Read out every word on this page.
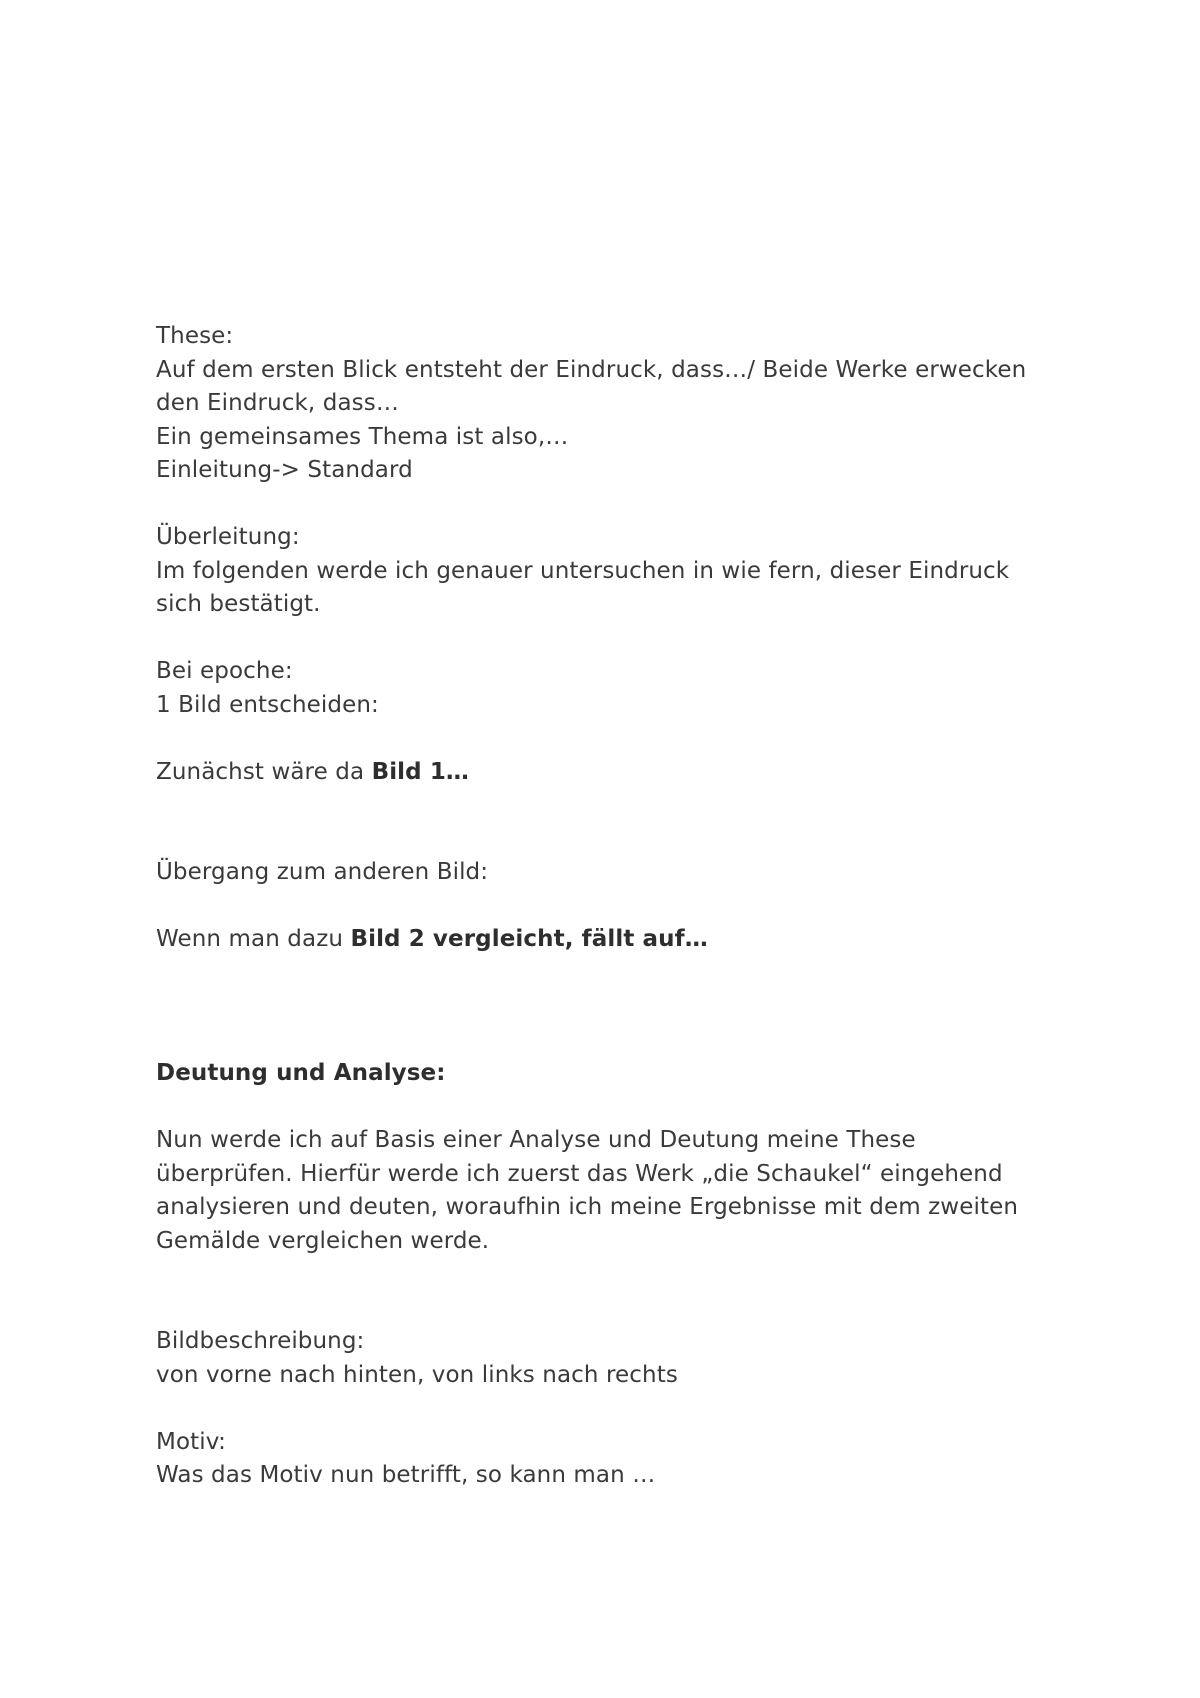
These:
Auf dem ersten Blick entsteht der Eindruck, dass…/ Beide Werke erwecken
den Eindruck, dass…
Ein gemeinsames Thema ist also,…
Einleitung-> Standard
Überleitung:
Im folgenden werde ich genauer untersuchen in wie fern, dieser Eindruck
sich bestätigt.
Bei epoche:
1 Bild entscheiden:
Zunächst wäre da Bild 1…
Übergang zum anderen Bild:
Wenn man dazu Bild 2 vergleicht, fällt auf…
Deutung und Analyse:
Nun werde ich auf Basis einer Analyse und Deutung meine These
überprüfen. Hierfür werde ich zuerst das Werk „die Schaukel“ eingehend
analysieren und deuten, woraufhin ich meine Ergebnisse mit dem zweiten
Gemälde vergleichen werde.
Bildbeschreibung:
von vorne nach hinten, von links nach rechts
Motiv:
Was das Motiv nun betrifft, so kann man …
